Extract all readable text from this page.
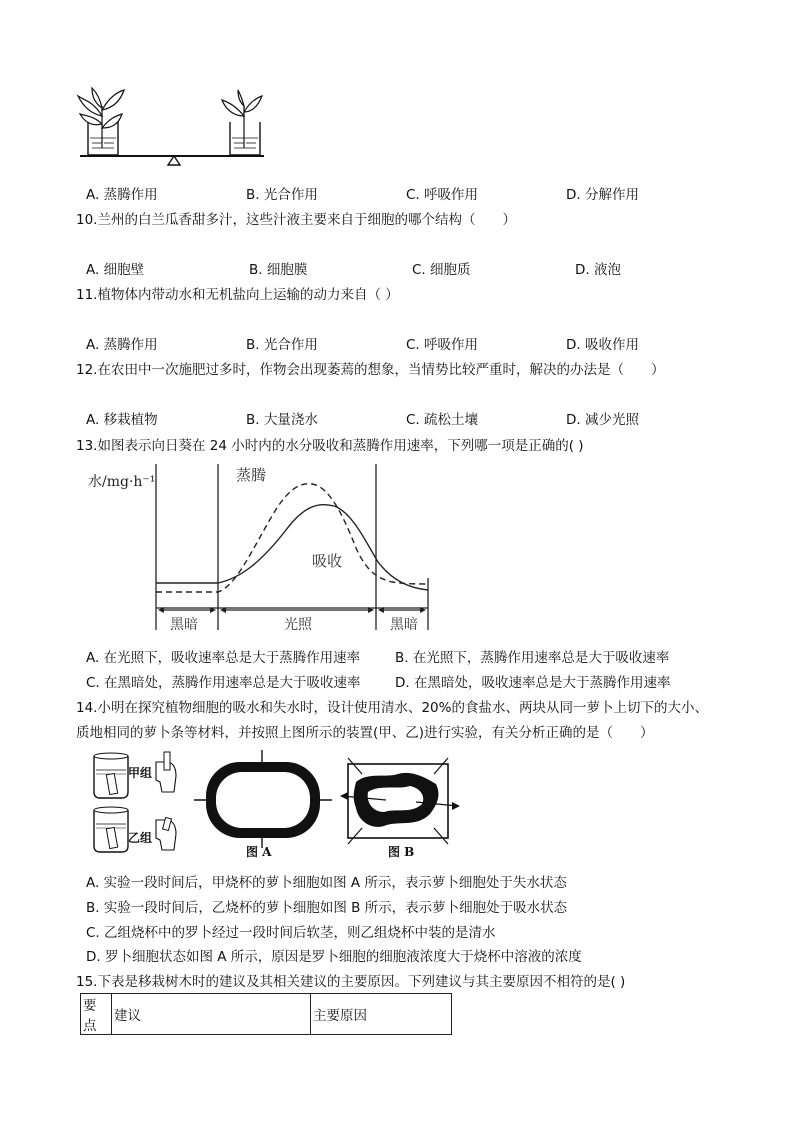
A. 蒸腾作用	B. 光合作用	C. 呼吸作用	D. 分解作用
10.兰州的白兰瓜香甜多汁，这些汁液主要来自于细胞的哪个结构（　　）
A. 细胞壁	B. 细胞膜	C. 细胞质	D. 液泡
11.植物体内带动水和无机盐向上运输的动力来自（ ）
A. 蒸腾作用	B. 光合作用	C. 呼吸作用	D. 吸收作用
12.在农田中一次施肥过多时，作物会出现萎蔫的想象，当情势比较严重时，解决的办法是（　　）
A. 移栽植物	B. 大量浇水	C. 疏松土壤	D. 减少光照
13.如图表示向日葵在 24 小时内的水分吸收和蒸腾作用速率，下列哪一项是正确的( )
水/mg·h⁻¹	蒸腾
吸收
黑暗	光照	黑暗
A. 在光照下，吸收速率总是大于蒸腾作用速率	B. 在光照下，蒸腾作用速率总是大于吸收速率
C. 在黑暗处，蒸腾作用速率总是大于吸收速率	D. 在黑暗处，吸收速率总是大于蒸腾作用速率
14.小明在探究植物细胞的吸水和失水时，设计使用清水、20%的食盐水、两块从同一萝卜上切下的大小、
质地相同的萝卜条等材料，并按照上图所示的装置(甲、乙)进行实验，有关分析正确的是（　　）
甲组
乙组
图 A	图 B
A. 实验一段时间后，甲烧杯的萝卜细胞如图 A 所示，表示萝卜细胞处于失水状态
B. 实验一段时间后，乙烧杯的萝卜细胞如图 B 所示，表示萝卜细胞处于吸水状态
C. 乙组烧杯中的罗卜经过一段时间后软茎，则乙组烧杯中装的是清水
D. 罗卜细胞状态如图 A 所示，原因是罗卜细胞的细胞液浓度大于烧杯中溶液的浓度
15.下表是移栽树木时的建议及其相关建议的主要原因。下列建议与其主要原因不相符的是( )
要点	建议	主要原因
